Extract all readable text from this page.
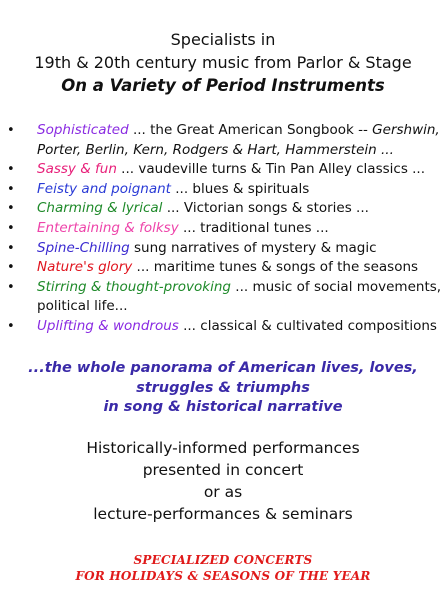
Specialists in
19th & 20th century music from Parlor & Stage
On a Variety of Period Instruments
• Sophisticated ... the Great American Songbook -- Gershwin,
Porter, Berlin, Kern, Rodgers & Hart, Hammerstein ...
• Sassy & fun ... vaudeville turns & Tin Pan Alley classics ...
• Feisty and poignant ... blues & spirituals
• Charming & lyrical ... Victorian songs & stories ...
• Entertaining & folksy ... traditional tunes ...
• Spine-Chilling sung narratives of mystery & magic
• Nature's glory ... maritime tunes & songs of the seasons
• Stirring & thought-provoking ... music of social movements,
political life...
• Uplifting & wondrous ... classical & cultivated compositions
...the whole panorama of American lives, loves,
struggles & triumphs
in song & historical narrative
Historically-informed performances
presented in concert
or as
lecture-performances & seminars
SPECIALIZED CONCERTS
FOR HOLIDAYS & SEASONS OF THE YEAR
